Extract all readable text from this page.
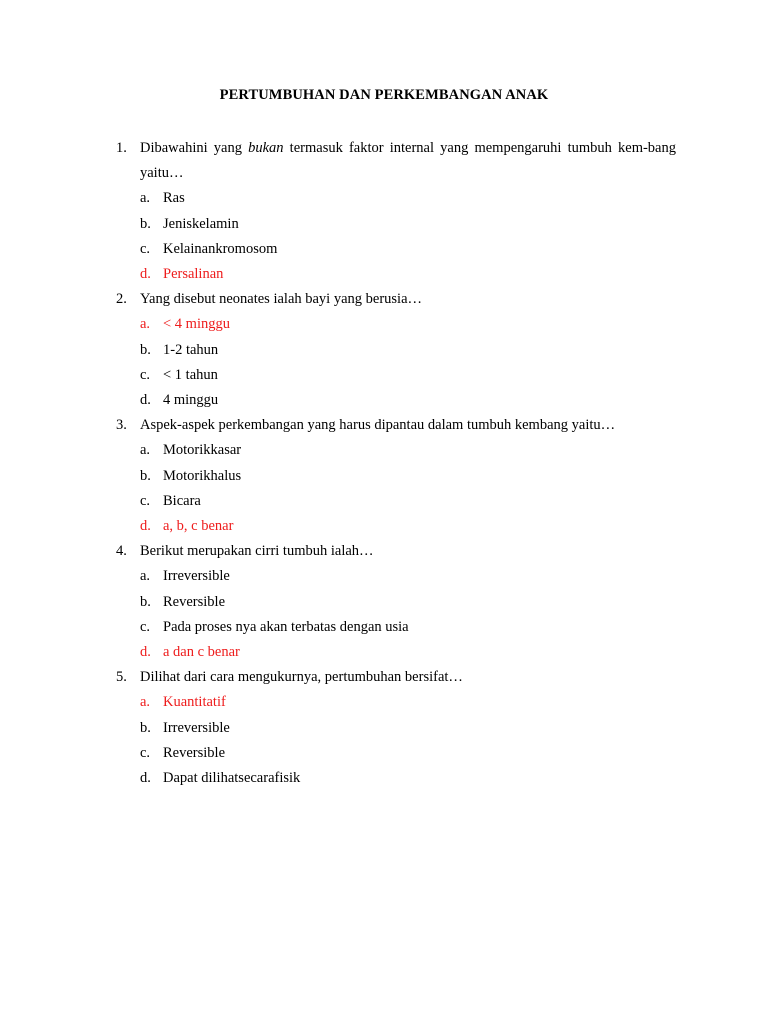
PERTUMBUHAN DAN PERKEMBANGAN ANAK
1. Dibawahini yang bukan termasuk faktor internal yang mempengaruhi tumbuh kem-bang yaitu…
a. Ras
b. Jeniskelamin
c. Kelainankromosom
d. Persalinan
2. Yang disebut neonates ialah bayi yang berusia…
a. < 4 minggu
b. 1-2 tahun
c. < 1 tahun
d. 4 minggu
3. Aspek-aspek perkembangan yang harus dipantau dalam tumbuh kembang yaitu…
a. Motorikkasar
b. Motorikhalus
c. Bicara
d. a, b, c benar
4. Berikut merupakan cirri tumbuh ialah…
a. Irreversible
b. Reversible
c. Pada proses nya akan terbatas dengan usia
d. a dan c benar
5. Dilihat dari cara mengukurnya, pertumbuhan bersifat…
a. Kuantitatif
b. Irreversible
c. Reversible
d. Dapat dilihatsecarafisik
